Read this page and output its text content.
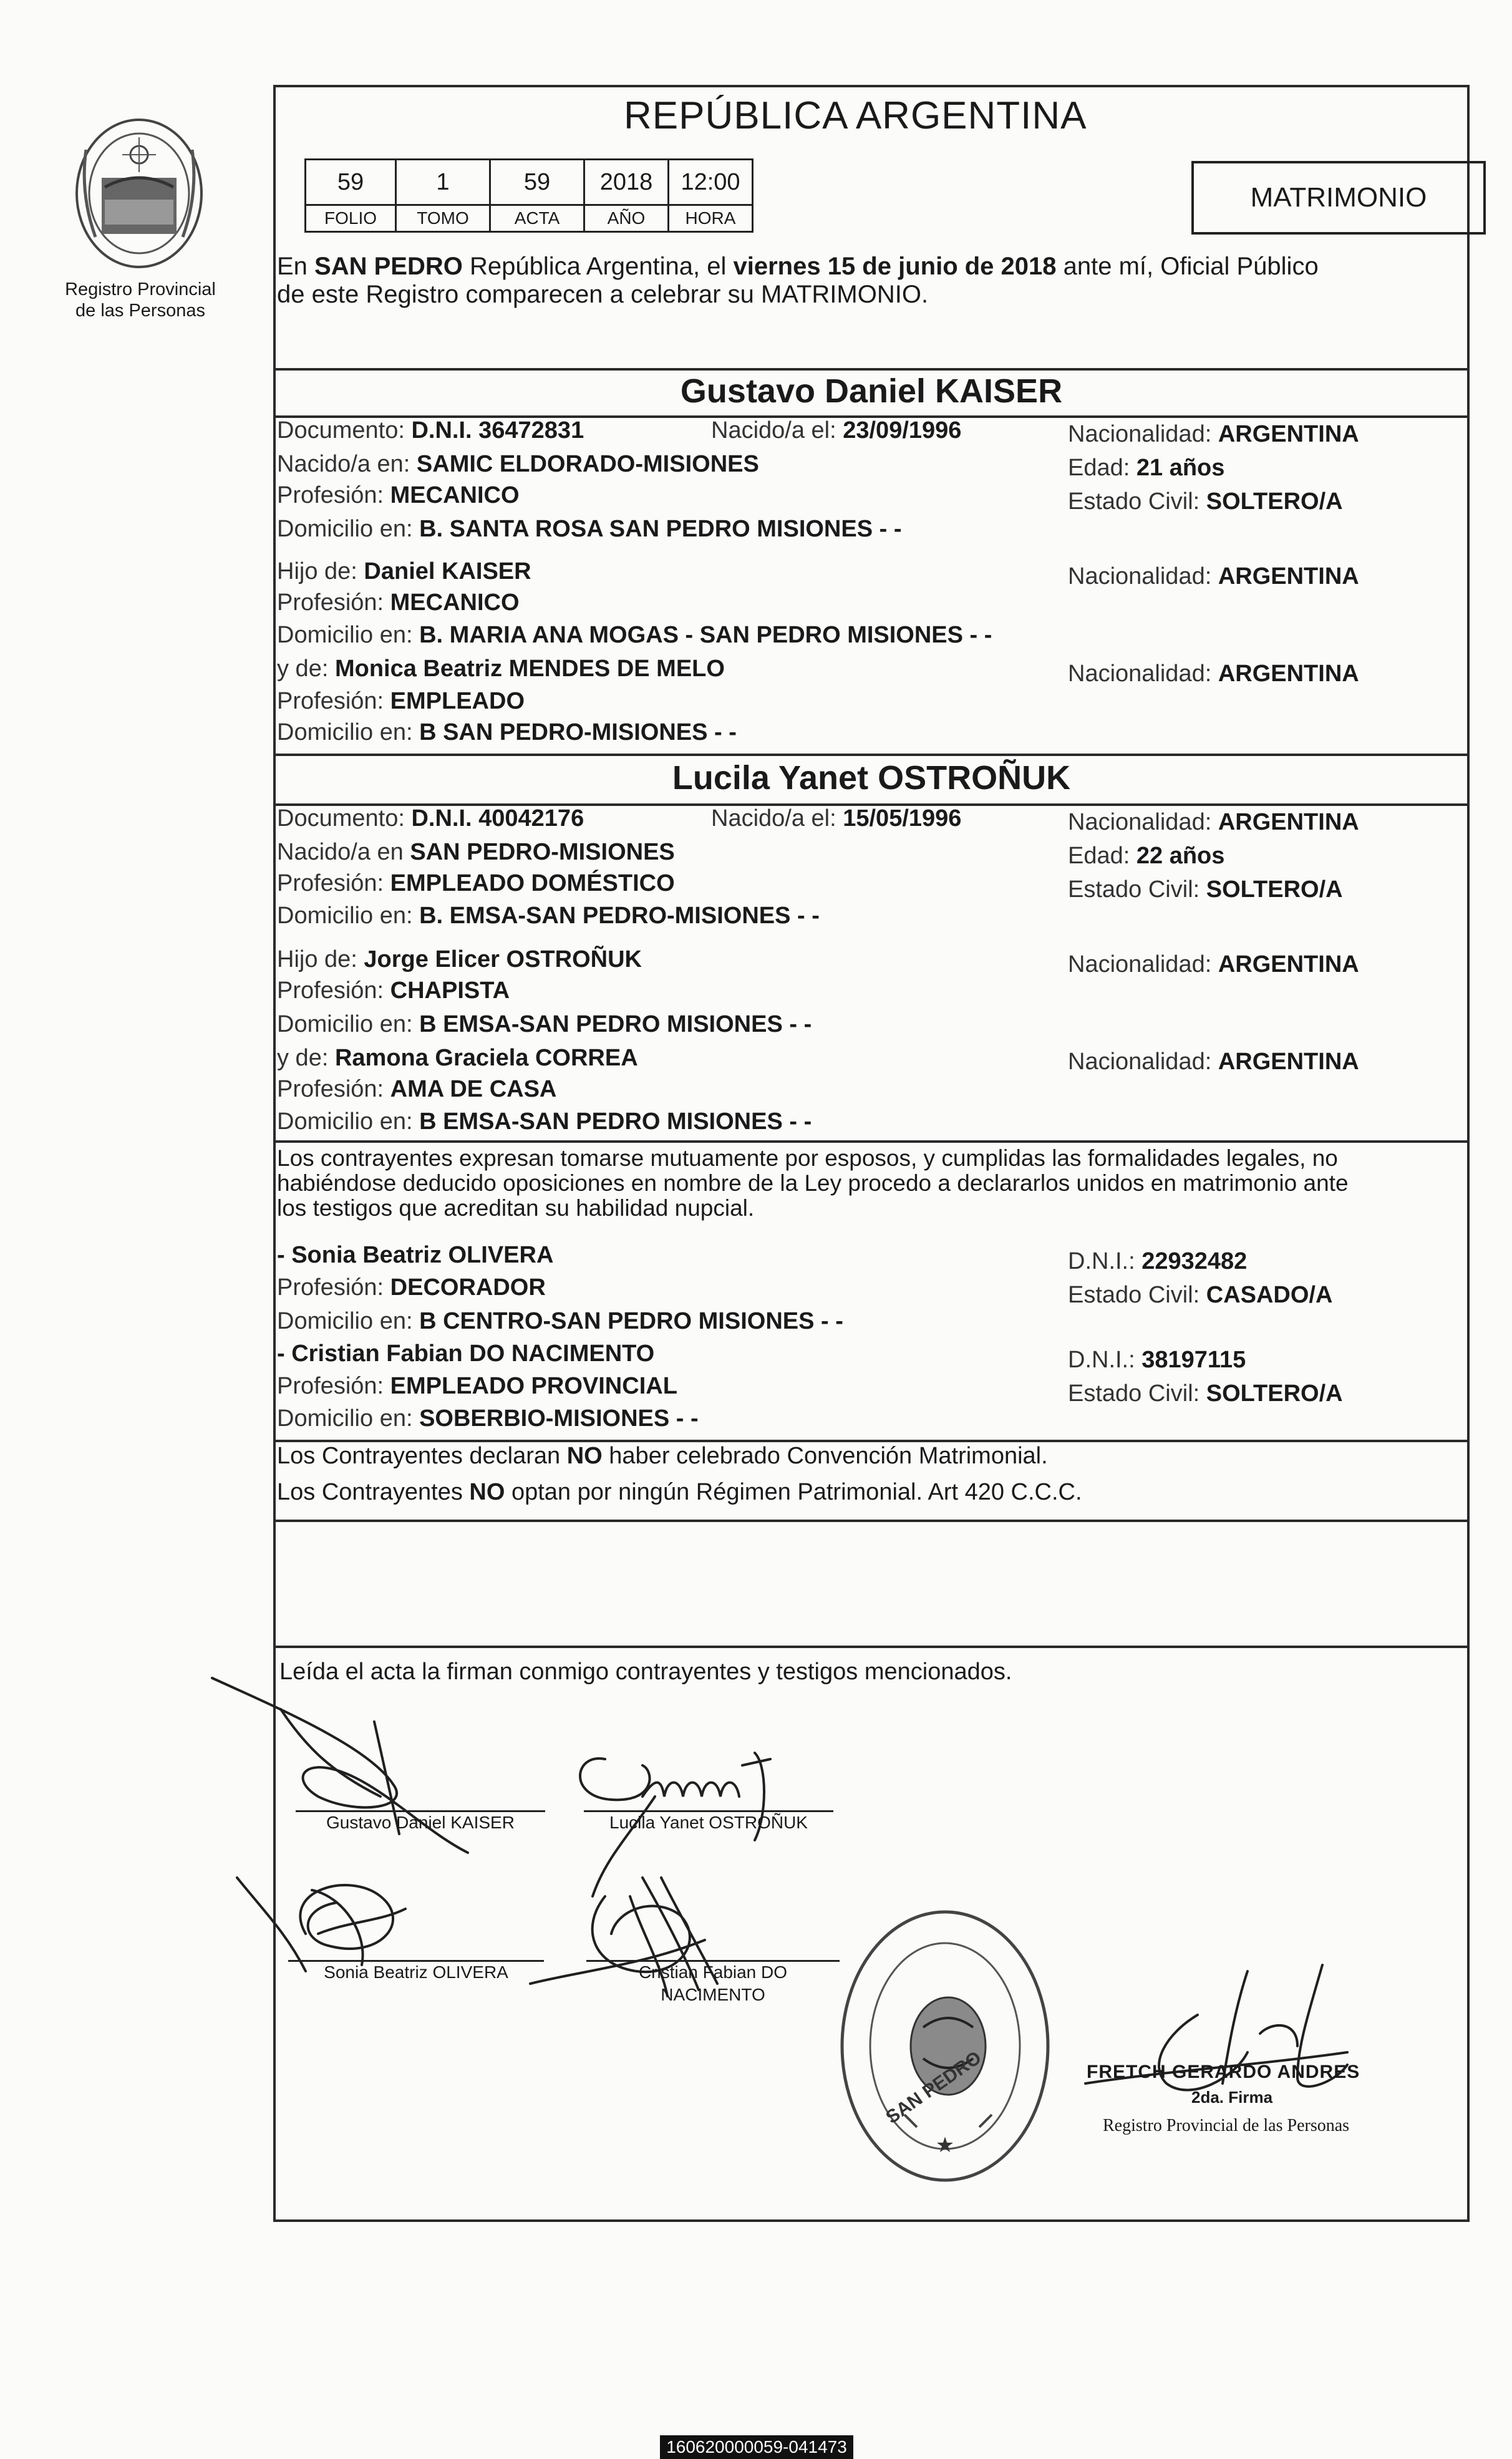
Registro Provincial
de las Personas
REPÚBLICA ARGENTINA
59	1	59	2018	12:00
FOLIO	TOMO	ACTA	AÑO	HORA
MATRIMONIO
En SAN PEDRO República Argentina, el viernes 15 de junio de 2018 ante mí, Oficial Público
de este Registro comparecen a celebrar su MATRIMONIO.
Gustavo Daniel KAISER
Documento: D.N.I. 36472831	Nacido/a el: 23/09/1996	Nacionalidad: ARGENTINA
Nacido/a en: SAMIC ELDORADO-MISIONES	Edad: 21 años
Profesión: MECANICO	Estado Civil: SOLTERO/A
Domicilio en: B. SANTA ROSA SAN PEDRO MISIONES - -
Hijo de: Daniel KAISER	Nacionalidad: ARGENTINA
Profesión: MECANICO
Domicilio en: B. MARIA ANA MOGAS - SAN PEDRO MISIONES - -
y de: Monica Beatriz MENDES DE MELO	Nacionalidad: ARGENTINA
Profesión: EMPLEADO
Domicilio en: B SAN PEDRO-MISIONES - -
Lucila Yanet OSTROÑUK
Documento: D.N.I. 40042176	Nacido/a el: 15/05/1996	Nacionalidad: ARGENTINA
Nacido/a en SAN PEDRO-MISIONES	Edad: 22 años
Profesión: EMPLEADO DOMÉSTICO	Estado Civil: SOLTERO/A
Domicilio en: B. EMSA-SAN PEDRO-MISIONES - -
Hijo de: Jorge Elicer OSTROÑUK	Nacionalidad: ARGENTINA
Profesión: CHAPISTA
Domicilio en: B EMSA-SAN PEDRO MISIONES - -
y de: Ramona Graciela CORREA	Nacionalidad: ARGENTINA
Profesión: AMA DE CASA
Domicilio en: B EMSA-SAN PEDRO MISIONES - -
Los contrayentes expresan tomarse mutuamente por esposos, y cumplidas las formalidades legales, no
habiéndose deducido oposiciones en nombre de la Ley procedo a declararlos unidos en matrimonio ante
los testigos que acreditan su habilidad nupcial.
- Sonia Beatriz OLIVERA	D.N.I.: 22932482
Profesión: DECORADOR	Estado Civil: CASADO/A
Domicilio en: B CENTRO-SAN PEDRO MISIONES - -
- Cristian Fabian DO NACIMENTO	D.N.I.: 38197115
Profesión: EMPLEADO PROVINCIAL	Estado Civil: SOLTERO/A
Domicilio en: SOBERBIO-MISIONES - -
Los Contrayentes declaran NO haber celebrado Convención Matrimonial.
Los Contrayentes NO optan por ningún Régimen Patrimonial. Art 420 C.C.C.
Leída el acta la firman conmigo contrayentes y testigos mencionados.
Gustavo Daniel KAISER	Lucila Yanet OSTROÑUK
Sonia Beatriz OLIVERA	Cristian Fabian DO
NACIMENTO
★
SAN PEDRO	FRETCH GERARDO ANDRES
2da. Firma
Registro Provincial de las Personas
160620000059-041473
